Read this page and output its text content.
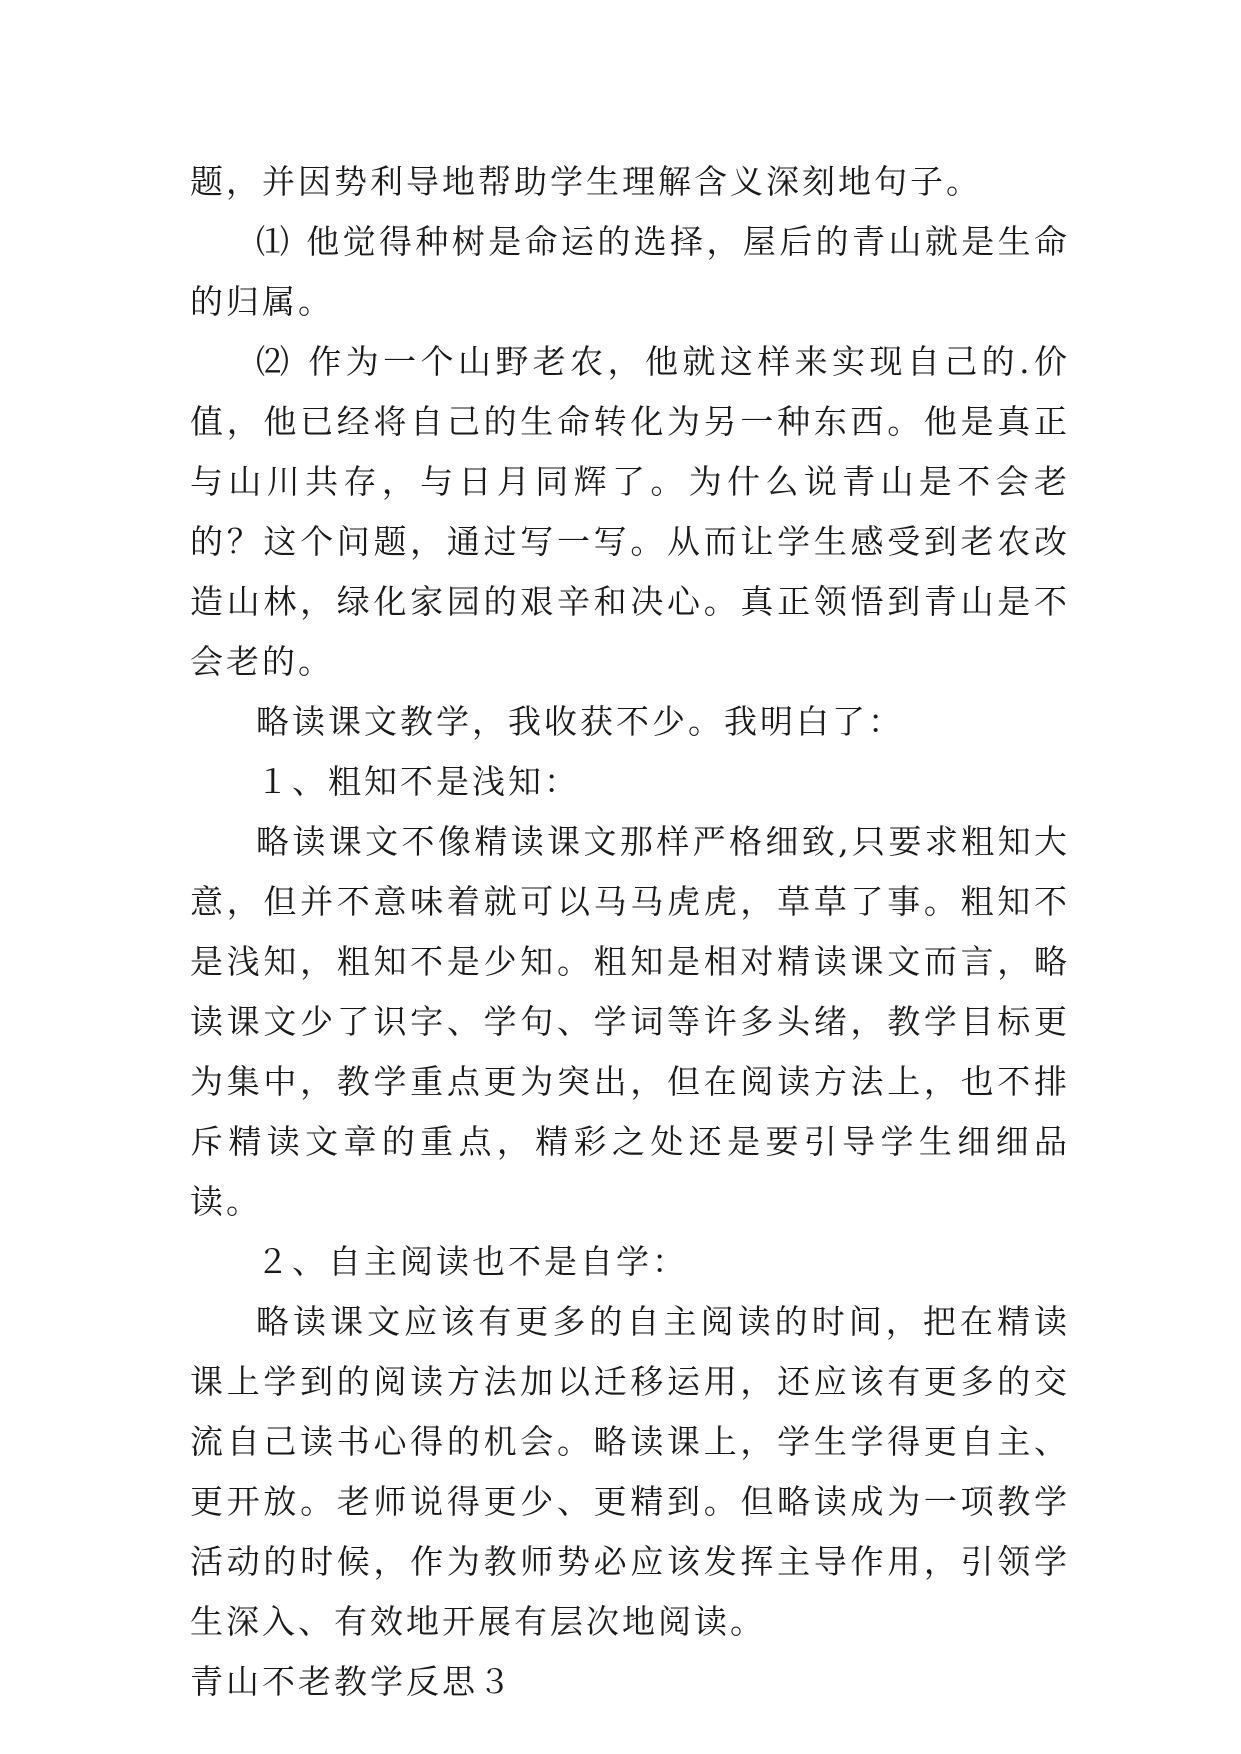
题，并因势利导地帮助学生理解含义深刻地句子。

⑴ 他觉得种树是命运的选择，屋后的青山就是生命的归属。

⑵ 作为一个山野老农，他就这样来实现自己的.价值，他已经将自己的生命转化为另一种东西。他是真正与山川共存，与日月同辉了。为什么说青山是不会老的？这个问题，通过写一写。从而让学生感受到老农改造山林，绿化家园的艰辛和决心。真正领悟到青山是不会老的。

略读课文教学，我收获不少。我明白了：

１、粗知不是浅知：

略读课文不像精读课文那样严格细致,只要求粗知大意，但并不意味着就可以马马虎虎，草草了事。粗知不是浅知，粗知不是少知。粗知是相对精读课文而言，略读课文少了识字、学句、学词等许多头绪，教学目标更为集中，教学重点更为突出，但在阅读方法上，也不排斥精读文章的重点，精彩之处还是要引导学生细细品读。

２、自主阅读也不是自学：

略读课文应该有更多的自主阅读的时间，把在精读课上学到的阅读方法加以迁移运用，还应该有更多的交流自己读书心得的机会。略读课上，学生学得更自主、更开放。老师说得更少、更精到。但略读成为一项教学活动的时候，作为教师势必应该发挥主导作用，引领学生深入、有效地开展有层次地阅读。

青山不老教学反思３
